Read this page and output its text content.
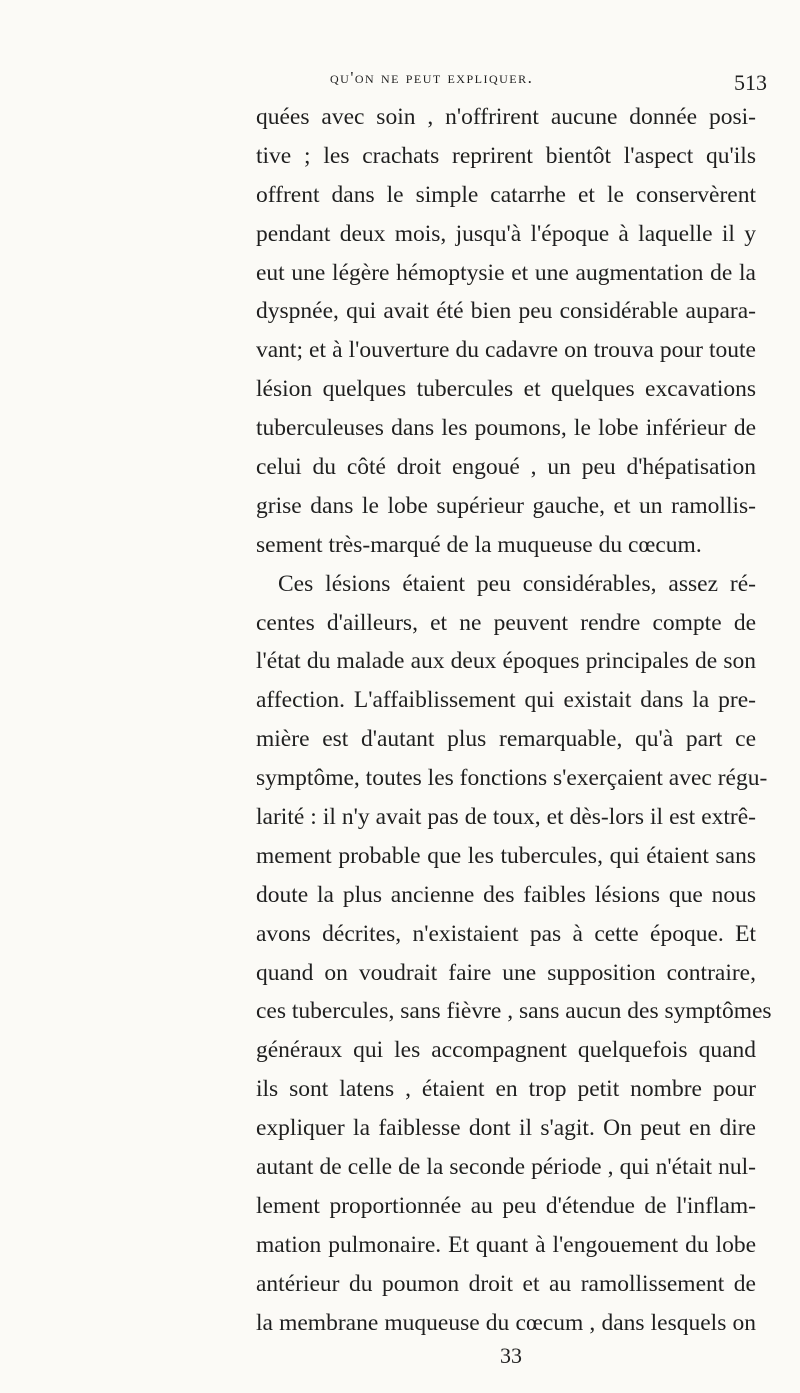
qu'on ne peut expliquer.	513
quées avec soin , n'offrirent aucune donnée posi-
tive ; les crachats reprirent bientôt l'aspect qu'ils
offrent dans le simple catarrhe et le conservèrent
pendant deux mois, jusqu'à l'époque à laquelle il y
eut une légère hémoptysie et une augmentation de la
dyspnée, qui avait été bien peu considérable aupara-
vant; et à l'ouverture du cadavre on trouva pour toute
lésion quelques tubercules et quelques excavations
tuberculeuses dans les poumons, le lobe inférieur de
celui du côté droit engoué , un peu d'hépatisation
grise dans le lobe supérieur gauche, et un ramollis-
sement très-marqué de la muqueuse du cœcum.
Ces lésions étaient peu considérables, assez ré-
centes d'ailleurs, et ne peuvent rendre compte de
l'état du malade aux deux époques principales de son
affection. L'affaiblissement qui existait dans la pre-
mière est d'autant plus remarquable, qu'à part ce
symptôme, toutes les fonctions s'exerçaient avec régu-
larité : il n'y avait pas de toux, et dès-lors il est extrê-
mement probable que les tubercules, qui étaient sans
doute la plus ancienne des faibles lésions que nous
avons décrites, n'existaient pas à cette époque. Et
quand on voudrait faire une supposition contraire,
ces tubercules, sans fièvre , sans aucun des symptômes
généraux qui les accompagnent quelquefois quand
ils sont latens , étaient en trop petit nombre pour
expliquer la faiblesse dont il s'agit. On peut en dire
autant de celle de la seconde période , qui n'était nul-
lement proportionnée au peu d'étendue de l'inflam-
mation pulmonaire. Et quant à l'engouement du lobe
antérieur du poumon droit et au ramollissement de
la membrane muqueuse du cœcum , dans lesquels on
33
